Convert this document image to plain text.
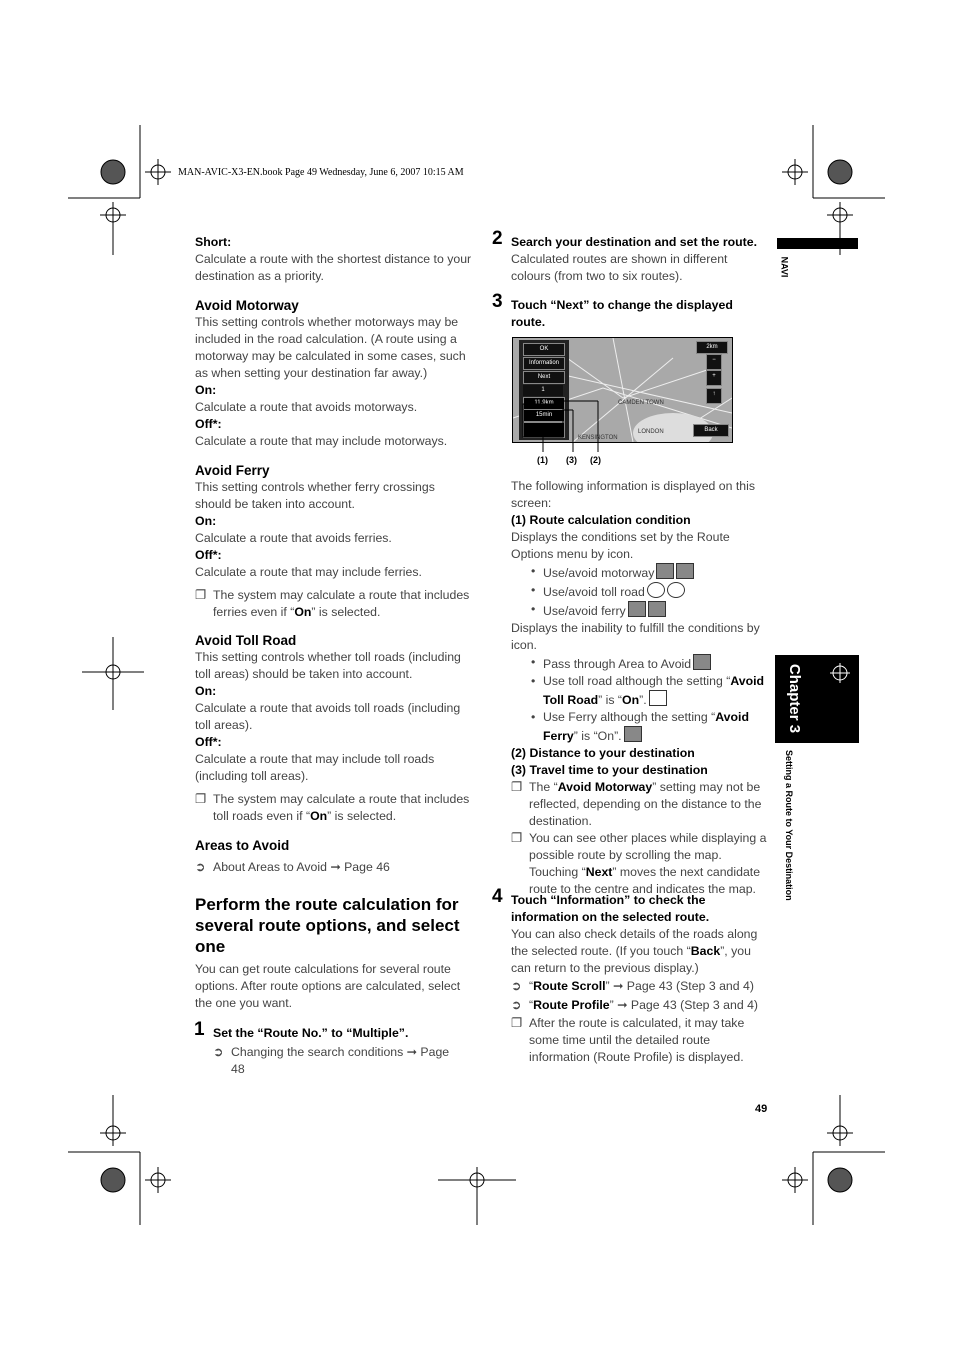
MAN-AVIC-X3-EN.book Page 49 Wednesday, June 6, 2007 10:15 AM
Short:
Calculate a route with the shortest distance to your destination as a priority.
Avoid Motorway
This setting controls whether motorways may be included in the road calculation. (A route using a motorway may be calculated in some cases, such as when setting your destination far away.)
On:
Calculate a route that avoids motorways.
Off*:
Calculate a route that may include motorways.
Avoid Ferry
This setting controls whether ferry crossings should be taken into account.
On:
Calculate a route that avoids ferries.
Off*:
Calculate a route that may include ferries.
❐ The system may calculate a route that includes ferries even if “On” is selected.
Avoid Toll Road
This setting controls whether toll roads (including toll areas) should be taken into account.
On:
Calculate a route that avoids toll roads (including toll areas).
Off*:
Calculate a route that may include toll roads (including toll areas).
❐ The system may calculate a route that includes toll roads even if “On” is selected.
Areas to Avoid
➲ About Areas to Avoid ➞ Page 46
Perform the route calculation for several route options, and select one
You can get route calculations for several route options. After route options are calculated, select the one you want.
1 Set the “Route No.” to “Multiple”.
➲ Changing the search conditions ➞ Page 48
2 Search your destination and set the route.
Calculated routes are shown in different colours (from two to six routes).
3 Touch “Next” to change the displayed route.
OK
Information
Next
1
11.9km
15min
2km
−
+
↑
Back
CAMDEN TOWN
LONDON
KENSINGTON
(1) (3) (2)
The following information is displayed on this screen:
(1) Route calculation condition
Displays the conditions set by the Route Options menu by icon.
• Use/avoid motorway
• Use/avoid toll road
• Use/avoid ferry
Displays the inability to fulfill the conditions by icon.
• Pass through Area to Avoid
• Use toll road although the setting “Avoid Toll Road” is “On”.
• Use Ferry although the setting “Avoid Ferry” is “On”.
(2) Distance to your destination
(3) Travel time to your destination
❐ The “Avoid Motorway” setting may not be reflected, depending on the distance to the destination.
❐ You can see other places while displaying a possible route by scrolling the map. Touching “Next” moves the next candidate route to the centre and indicates the map.
4 Touch “Information” to check the information on the selected route.
You can also check details of the roads along the selected route. (If you touch “Back”, you can return to the previous display.)
➲ “Route Scroll” ➞ Page 43 (Step 3 and 4)
➲ “Route Profile” ➞ Page 43 (Step 3 and 4)
❐ After the route is calculated, it may take some time until the detailed route information (Route Profile) is displayed.
NAVI
Chapter 3
Setting a Route to Your Destination
49
